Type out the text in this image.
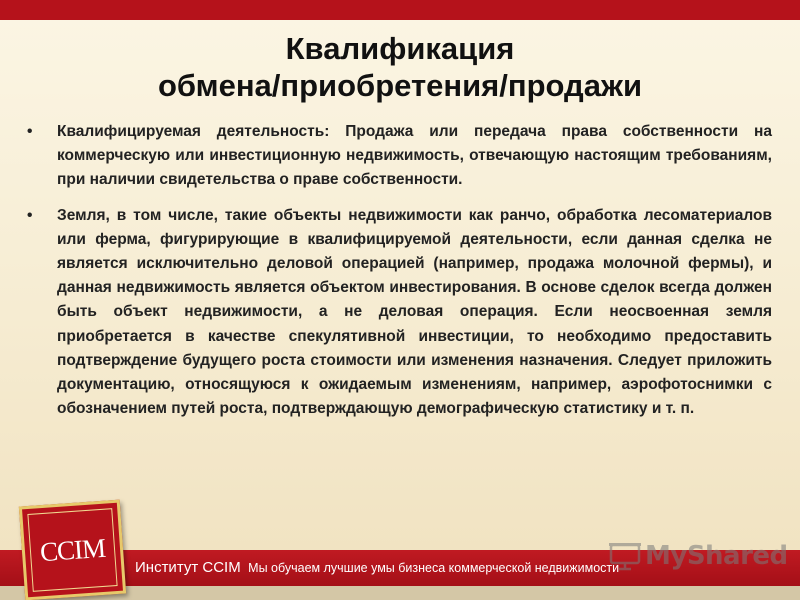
Квалификация
обмена/приобретения/продажи
•	Квалифицируемая деятельность: Продажа или передача права собственности на коммерческую или инвестиционную недвижимость, отвечающую настоящим требованиям, при наличии свидетельства о праве собственности.
•	Земля, в том числе, такие объекты недвижимости как ранчо, обработка лесоматериалов или ферма, фигурирующие в квалифицируемой деятельности, если данная сделка не является исключительно деловой операцией (например, продажа молочной фермы), и данная недвижимость является объектом инвестирования. В основе сделок всегда должен быть объект недвижимости, а не деловая операция. Если неосвоенная земля приобретается в качестве спекулятивной инвестиции, то необходимо предоставить подтверждение будущего роста стоимости или изменения назначения. Следует приложить документацию, относящуюся к ожидаемым изменениям, например, аэрофотоснимки с обозначением путей роста, подтверждающую демографическую статистику и т. п.
Институт CCIM Мы обучаем лучшие умы бизнеса коммерческой недвижимости
CCIM	MyShared
